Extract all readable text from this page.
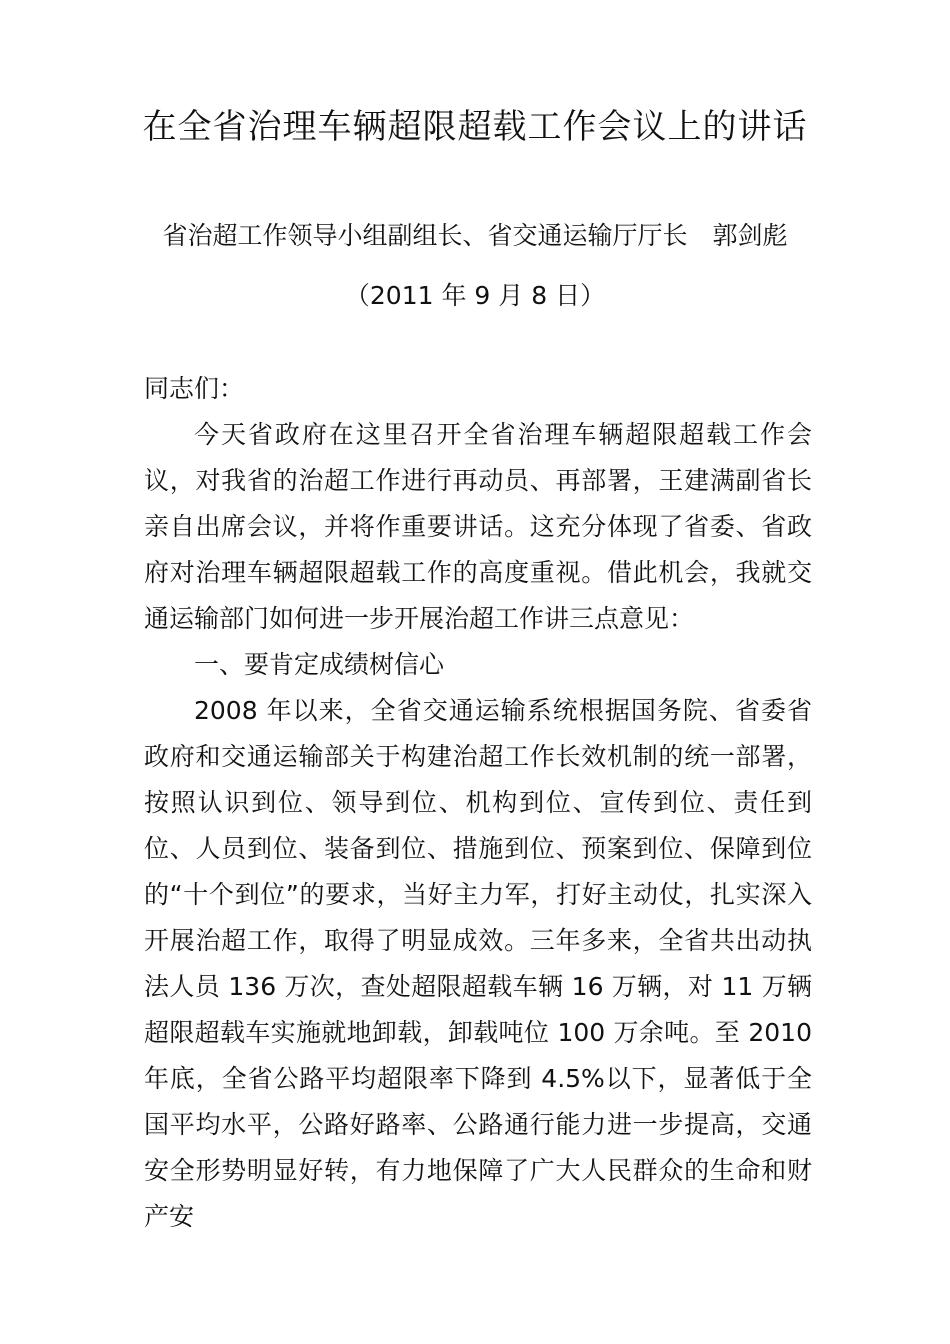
在全省治理车辆超限超载工作会议上的讲话

省治超工作领导小组副组长、省交通运输厅厅长　郭剑彪

（2011 年 9 月 8 日）

同志们：

今天省政府在这里召开全省治理车辆超限超载工作会议，对我省的治超工作进行再动员、再部署，王建满副省长亲自出席会议，并将作重要讲话。这充分体现了省委、省政府对治理车辆超限超载工作的高度重视。借此机会，我就交通运输部门如何进一步开展治超工作讲三点意见：

一、要肯定成绩树信心

2008 年以来，全省交通运输系统根据国务院、省委省政府和交通运输部关于构建治超工作长效机制的统一部署，按照认识到位、领导到位、机构到位、宣传到位、责任到位、人员到位、装备到位、措施到位、预案到位、保障到位的“十个到位”的要求，当好主力军，打好主动仗，扎实深入开展治超工作，取得了明显成效。三年多来，全省共出动执法人员 136 万次，查处超限超载车辆 16 万辆，对 11 万辆超限超载车实施就地卸载，卸载吨位 100 万余吨。至 2010 年底，全省公路平均超限率下降到 4.5%以下，显著低于全国平均水平，公路好路率、公路通行能力进一步提高，交通安全形势明显好转，有力地保障了广大人民群众的生命和财产安
